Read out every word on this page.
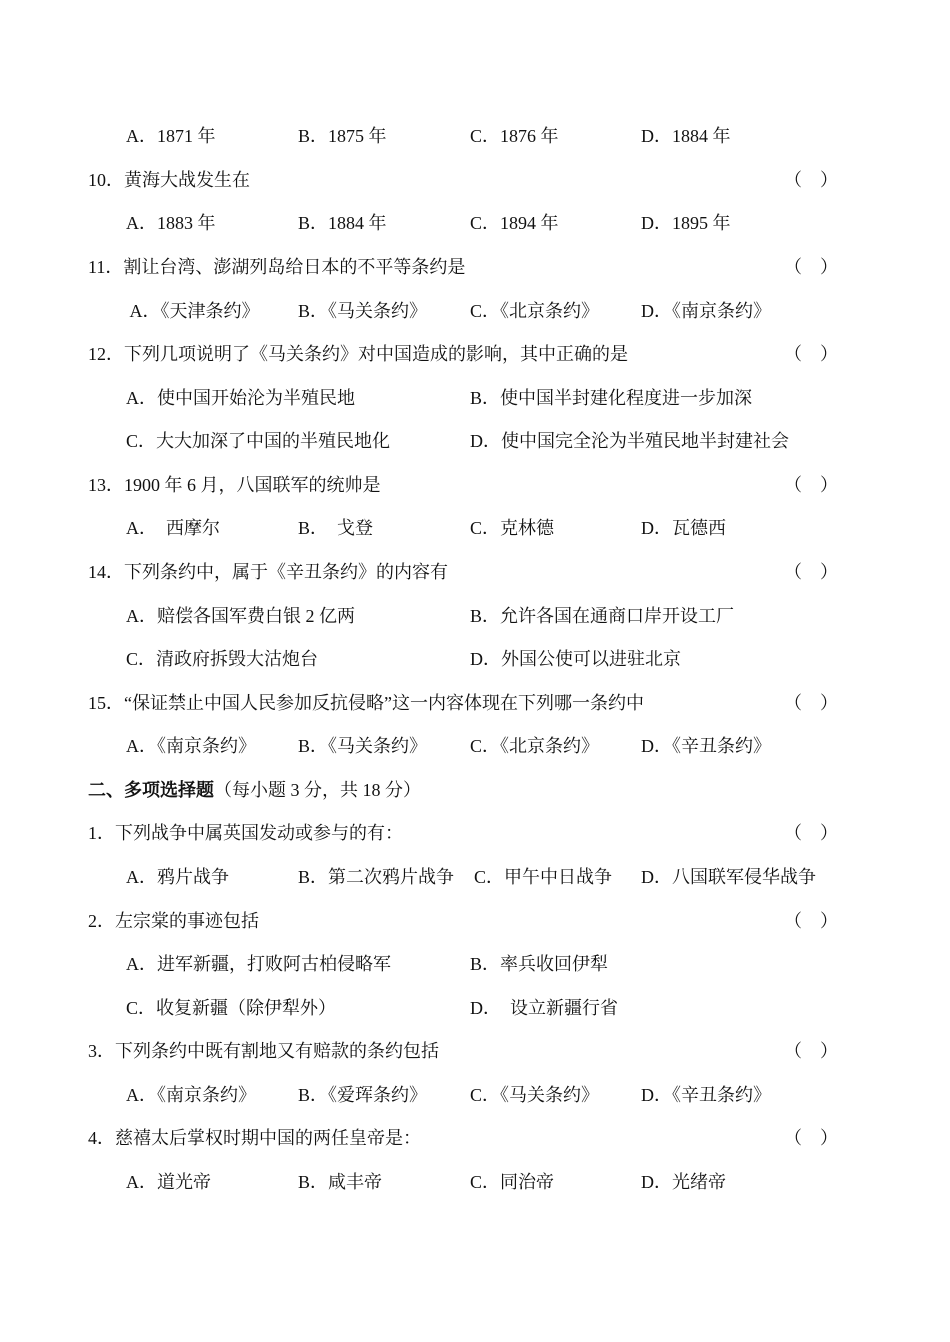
A．1871 年	B．1875 年	C．1876 年	D．1884 年
10．黄海大战发生在	（　）
A．1883 年	B．1884 年	C．1894 年	D．1895 年
11．割让台湾、澎湖列岛给日本的不平等条约是	（　）
A．《天津条约》 B．《马关条约》 C．《北京条约》 D．《南京条约》
12．下列几项说明了《马关条约》对中国造成的影响，其中正确的是	（　）
A．使中国开始沦为半殖民地	B．使中国半封建化程度进一步加深
C．大大加深了中国的半殖民地化	D．使中国完全沦为半殖民地半封建社会
13．1900 年 6 月，八国联军的统帅是	（　）
A．  西摩尔	B．  戈登	C．克林德	D．瓦德西
14．下列条约中，属于《辛丑条约》的内容有	（　）
A．赔偿各国军费白银 2 亿两	B．允许各国在通商口岸开设工厂
C．清政府拆毁大沽炮台	D．外国公使可以进驻北京
15．“保证禁止中国人民参加反抗侵略”这一内容体现在下列哪一条约中	（　）
A．《南京条约》 B．《马关条约》 C．《北京条约》 D．《辛丑条约》
二、多项选择题（每小题 3 分，共 18 分）
1．下列战争中属英国发动或参与的有：	（　）
A．鸦片战争	B．第二次鸦片战争 C．甲午中日战争 D．八国联军侵华战争
2．左宗棠的事迹包括	（　）
A．进军新疆，打败阿古柏侵略军	B．率兵收回伊犁
C．收复新疆（除伊犁外）	D．  设立新疆行省
3．下列条约中既有割地又有赔款的条约包括	（　）
A．《南京条约》 B．《爱珲条约》 C．《马关条约》 D．《辛丑条约》
4．慈禧太后掌权时期中国的两任皇帝是：	（　）
A．道光帝	B．咸丰帝	C．同治帝	D．光绪帝
